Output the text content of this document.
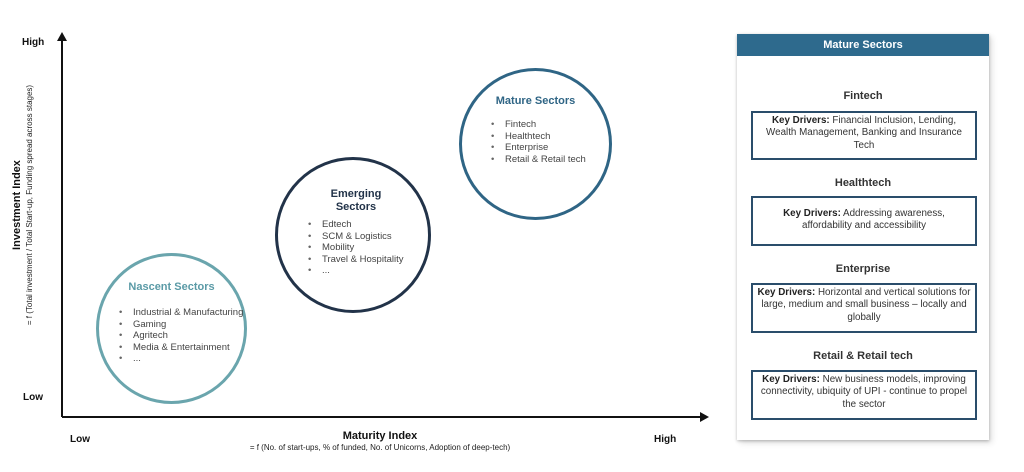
High
Low
Low	High
Maturity Index
= f (No. of start-ups, % of funded, No. of Unicorns, Adoption of deep-tech)
Investment Index = f (Total investment / Total Start-up, Funding spread across stages)	Nascent Sectors
• Industrial & Manufacturing
• Gaming
• Agritech
• Media & Entertainment
• ...
Emerging Sectors
• Edtech
• SCM & Logistics
• Mobility
• Travel & Hospitality
• ...
Mature Sectors
• Fintech
• Healthtech
• Enterprise
• Retail & Retail tech
Mature Sectors
Fintech
Key Drivers: Financial Inclusion, Lending, Wealth Management, Banking and Insurance Tech
Healthtech
Key Drivers: Addressing awareness, affordability and accessibility
Enterprise
Key Drivers: Horizontal and vertical solutions for large, medium and small business – locally and globally
Retail & Retail tech
Key Drivers: New business models, improving connectivity, ubiquity of UPI - continue to propel the sector
